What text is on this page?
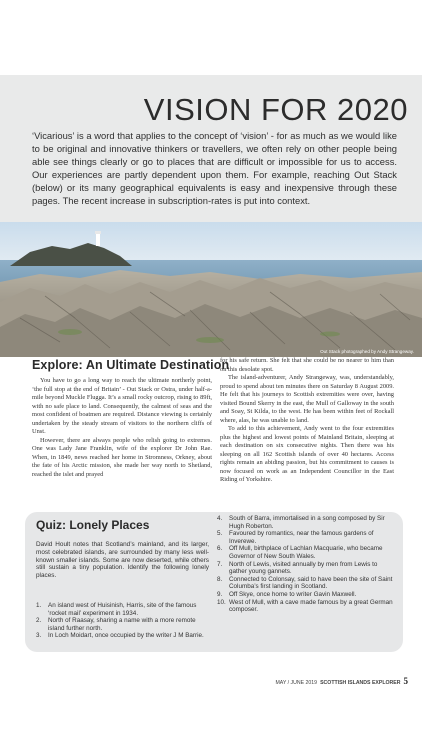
VISION FOR 2020

‘Vicarious’ is a word that applies to the concept of ‘vision’ - for as much as we would like to be original and innovative thinkers or travellers, we often rely on other people being able see things clearly or go to places that are difficult or impossible for us to access. Our experiences are partly dependent upon them. For example, reaching Out Stack (below) or its many geographical equivalents is easy and inexpensive through these pages. The recent increase in subscription-rates is put into context.

Out Stack photographed by Andy Strangeway.
Explore: An Ultimate Destination

You have to go a long way to reach the ultimate northerly point, ‘the full stop at the end of Britain’ - Out Stack or Ostra, under half-a-mile beyond Muckle Flugga. It’s a small rocky outcrop, rising to 89ft, with no safe place to land. Consequently, the calmest of seas and the most confident of boatmen are required. Distance viewing is certainly undertaken by the steady stream of visitors to the northern cliffs of Unst.

However, there are always people who relish going to extremes. One was Lady Jane Franklin, wife of the explorer Dr John Rae. When, in 1849, news reached her home in Stromness, Orkney, about the fate of his Arctic mission, she made her way north to Shetland, reached the islet and prayed

for his safe return. She felt that she could be no nearer to him than on this desolate spot.

The island-adventurer, Andy Strangeway, was, understandably, proud to spend about ten minutes there on Saturday 8 August 2009. He felt that his journeys to Scottish extremities were over, having visited Bound Skerry in the east, the Mull of Galloway in the south and Soay, St Kilda, to the west. He has been within feet of Rockall where, alas, he was unable to land.

To add to this achievement, Andy went to the four extremities plus the highest and lowest points of Mainland Britain, sleeping at each destination on six consecutive nights. Then there was his sleeping on all 162 Scottish islands of over 40 hectares. Access rights remain an abiding passion, but his commitment to causes is now focused on work as an Independent Councillor in the East Riding of Yorkshire.

Quiz: Lonely Places

David Hoult notes that Scotland’s mainland, and its larger, most celebrated islands, are surrounded by many less well-known smaller islands. Some are now deserted, while others still sustain a tiny population. Identify the following lonely places.

1. An island west of Huisinish, Harris, site of the famous ‘rocket mail’ experiment in 1934.
2. North of Raasay, sharing a name with a more remote island further north.
3. In Loch Moidart, once occupied by the writer J M Barrie.
4. South of Barra, immortalised in a song composed by Sir Hugh Roberton.
5. Favoured by romantics, near the famous gardens of Inverewe.
6. Off Mull, birthplace of Lachlan Macquarie, who became Governor of New South Wales.
7. North of Lewis, visited annually by men from Lewis to gather young gannets.
8. Connected to Colonsay, said to have been the site of Saint Columba’s first landing in Scotland.
9. Off Skye, once home to writer Gavin Maxwell.
10. West of Mull, with a cave made famous by a great German composer.
MAY / JUNE 2019 SCOTTISH ISLANDS EXPLORER 5
